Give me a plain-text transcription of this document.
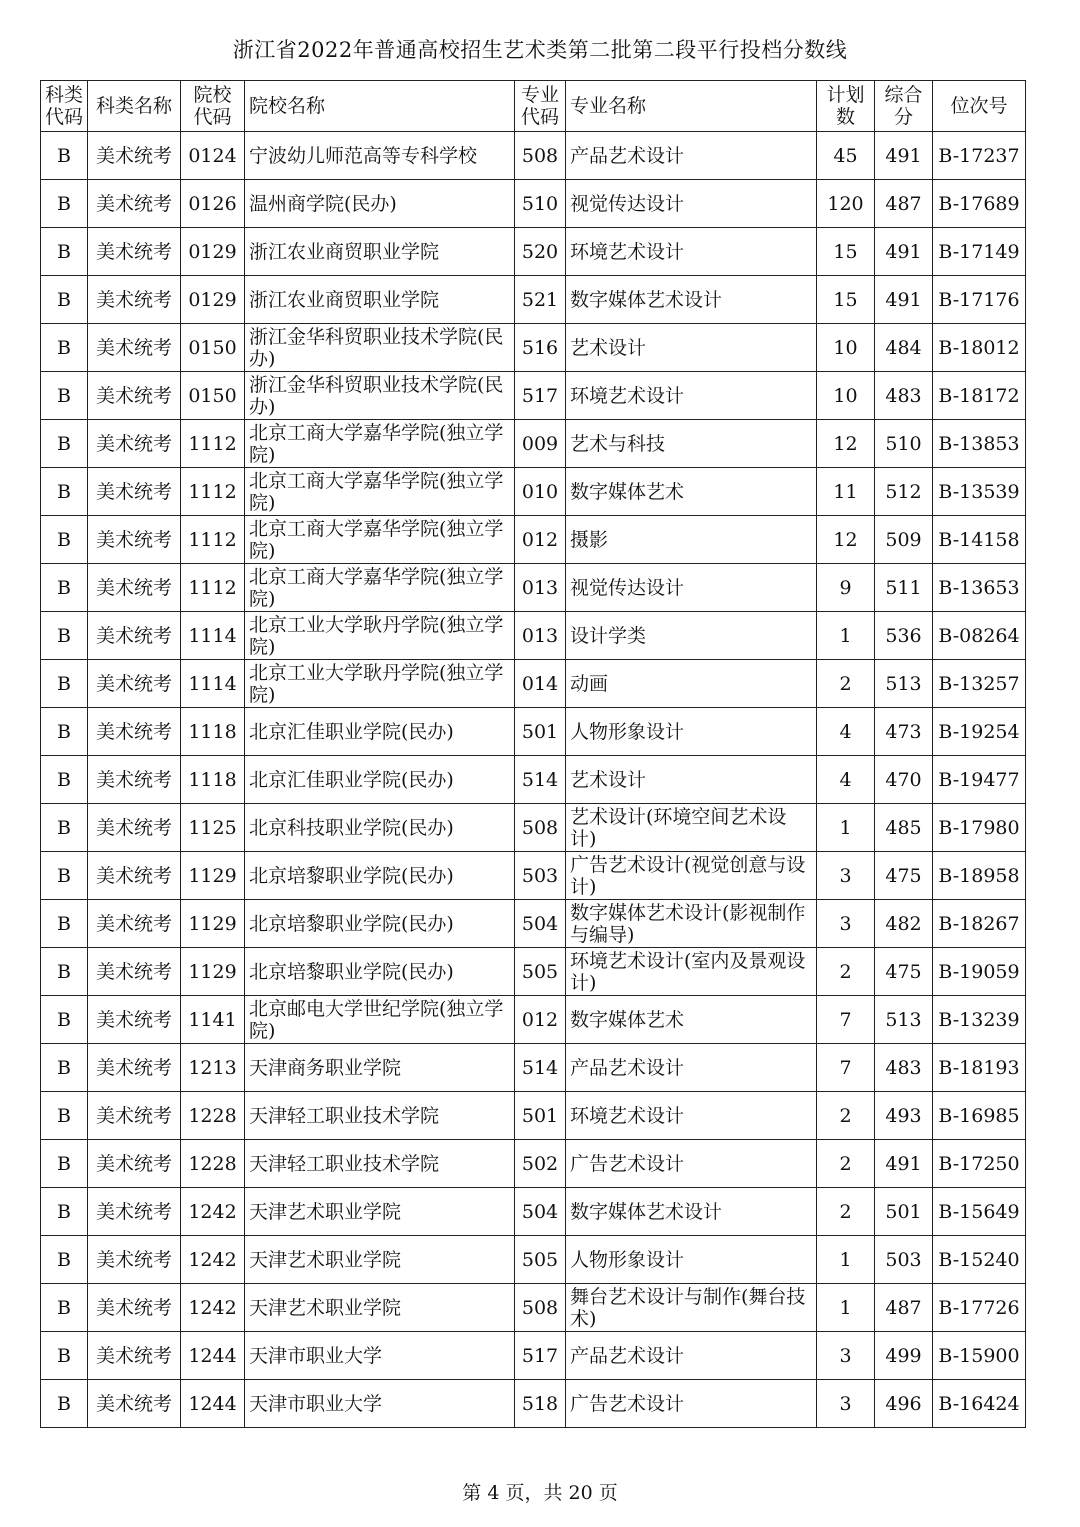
浙江省2022年普通高校招生艺术类第二批第二段平行投档分数线
科类代码	科类名称	院校代码	院校名称	专业代码	专业名称	计划数	综合分	位次号
B	美术统考	0124	宁波幼儿师范高等专科学校	508	产品艺术设计	45	491	B-17237
B	美术统考	0126	温州商学院(民办)	510	视觉传达设计	120	487	B-17689
B	美术统考	0129	浙江农业商贸职业学院	520	环境艺术设计	15	491	B-17149
B	美术统考	0129	浙江农业商贸职业学院	521	数字媒体艺术设计	15	491	B-17176
B	美术统考	0150	浙江金华科贸职业技术学院(民办)	516	艺术设计	10	484	B-18012
B	美术统考	0150	浙江金华科贸职业技术学院(民办)	517	环境艺术设计	10	483	B-18172
B	美术统考	1112	北京工商大学嘉华学院(独立学院)	009	艺术与科技	12	510	B-13853
B	美术统考	1112	北京工商大学嘉华学院(独立学院)	010	数字媒体艺术	11	512	B-13539
B	美术统考	1112	北京工商大学嘉华学院(独立学院)	012	摄影	12	509	B-14158
B	美术统考	1112	北京工商大学嘉华学院(独立学院)	013	视觉传达设计	9	511	B-13653
B	美术统考	1114	北京工业大学耿丹学院(独立学院)	013	设计学类	1	536	B-08264
B	美术统考	1114	北京工业大学耿丹学院(独立学院)	014	动画	2	513	B-13257
B	美术统考	1118	北京汇佳职业学院(民办)	501	人物形象设计	4	473	B-19254
B	美术统考	1118	北京汇佳职业学院(民办)	514	艺术设计	4	470	B-19477
B	美术统考	1125	北京科技职业学院(民办)	508	艺术设计(环境空间艺术设计)	1	485	B-17980
B	美术统考	1129	北京培黎职业学院(民办)	503	广告艺术设计(视觉创意与设计)	3	475	B-18958
B	美术统考	1129	北京培黎职业学院(民办)	504	数字媒体艺术设计(影视制作与编导)	3	482	B-18267
B	美术统考	1129	北京培黎职业学院(民办)	505	环境艺术设计(室内及景观设计)	2	475	B-19059
B	美术统考	1141	北京邮电大学世纪学院(独立学院)	012	数字媒体艺术	7	513	B-13239
B	美术统考	1213	天津商务职业学院	514	产品艺术设计	7	483	B-18193
B	美术统考	1228	天津轻工职业技术学院	501	环境艺术设计	2	493	B-16985
B	美术统考	1228	天津轻工职业技术学院	502	广告艺术设计	2	491	B-17250
B	美术统考	1242	天津艺术职业学院	504	数字媒体艺术设计	2	501	B-15649
B	美术统考	1242	天津艺术职业学院	505	人物形象设计	1	503	B-15240
B	美术统考	1242	天津艺术职业学院	508	舞台艺术设计与制作(舞台技术)	1	487	B-17726
B	美术统考	1244	天津市职业大学	517	产品艺术设计	3	499	B-15900
B	美术统考	1244	天津市职业大学	518	广告艺术设计	3	496	B-16424
第 4 页，共 20 页
